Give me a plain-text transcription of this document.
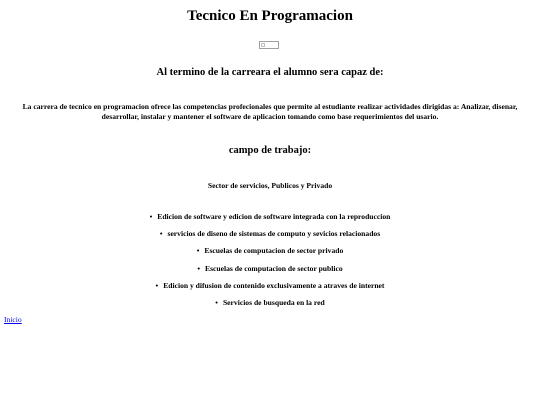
Tecnico En Programacion
Al termino de la carreara el alumno sera capaz de:
La carrera de tecnico en programacion ofrece las competencias profecionales que permite al estudiante realizar actividades dirigidas a: Analizar, disenar, desarrollar, instalar y mantener el software de aplicacion tomando como base requerimientos del usario.
campo de trabajo:
Sector de servicios, Publicos y Privado
• Edicion de software y edicion de software integrada con la reproduccion
• servicios de diseno de sistemas de computo y sevicios relacionados
• Escuelas de computacion de sector privado
• Escuelas de computacion de sector publico
• Edicion y difusion de contenido exclusivamente a atraves de internet
• Servicios de busqueda en la red
Inicio
